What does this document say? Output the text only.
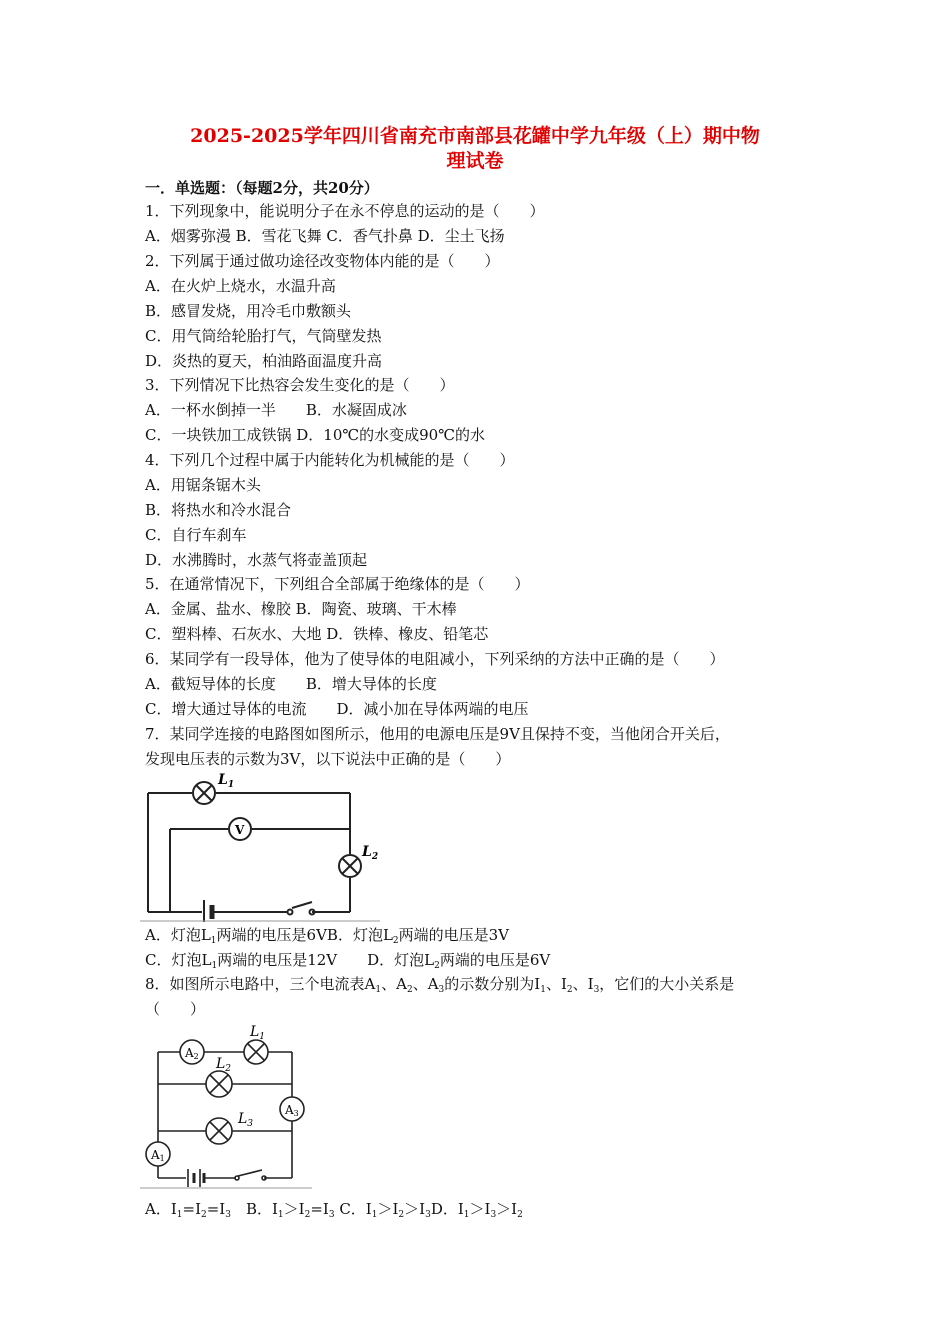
2025-2025学年四川省南充市南部县花罐中学九年级（上）期中物
理试卷
一．单选题：（每题2分，共20分）
1．下列现象中，能说明分子在永不停息的运动的是（　　）
A．烟雾弥漫 B．雪花飞舞 C．香气扑鼻 D．尘土飞扬
2．下列属于通过做功途径改变物体内能的是（　　）
A．在火炉上烧水，水温升高
B．感冒发烧，用冷毛巾敷额头
C．用气筒给轮胎打气，气筒壁发热
D．炎热的夏天，柏油路面温度升高
3．下列情况下比热容会发生变化的是（　　）
A．一杯水倒掉一半　　B．水凝固成冰
C．一块铁加工成铁锅 D．10℃的水变成90℃的水
4．下列几个过程中属于内能转化为机械能的是（　　）
A．用锯条锯木头
B．将热水和冷水混合
C．自行车刹车
D．水沸腾时，水蒸气将壶盖顶起
5．在通常情况下，下列组合全部属于绝缘体的是（　　）
A．金属、盐水、橡胶 B．陶瓷、玻璃、干木棒
C．塑料棒、石灰水、大地 D．铁棒、橡皮、铅笔芯
6．某同学有一段导体，他为了使导体的电阻减小，下列采纳的方法中正确的是（　　）
A．截短导体的长度　　B．增大导体的长度
C．增大通过导体的电流　　D．减小加在导体两端的电压
7．某同学连接的电路图如图所示，他用的电源电压是9V且保持不变，当他闭合开关后，
发现电压表的示数为3V，以下说法中正确的是（　　）
V
$L_1$
$L_2$
A．灯泡$L_1$两端的电压是6VB．灯泡$L_2$两端的电压是3V
C．灯泡$L_1$两端的电压是12V　　D．灯泡$L_2$两端的电压是6V
8．如图所示电路中，三个电流表$A_1$、$A_2$、$A_3$的示数分别为$I_1$、$I_2$、$I_3$，它们的大小关系是
（　　）
A2
A3
A1
$L_1$
$L_2$
$L_3$
A．$I_1=I_2=I_3$　B．$I_1>I_2=I_3$ C．$I_1>I_2>I_3D$．$I_1>I_3>I_2$
